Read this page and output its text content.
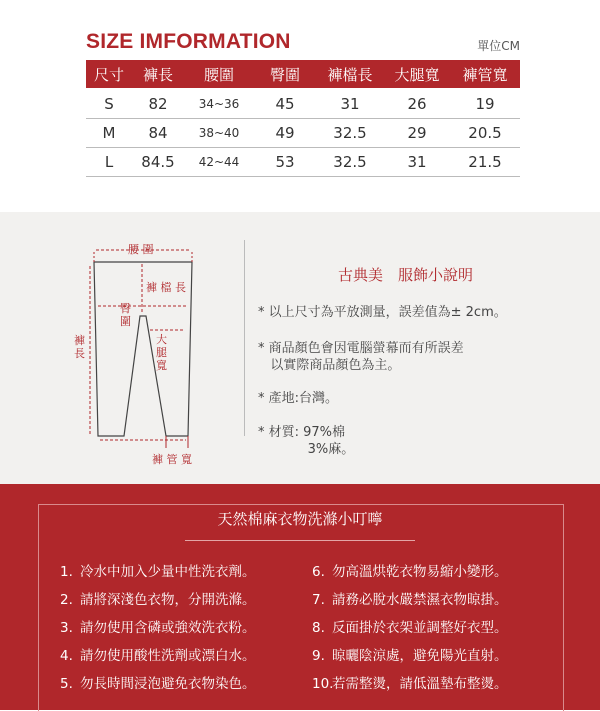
SIZE IMFORMATION	單位CM
尺寸	褲長	腰圍	臀圍	褲檔長	大腿寬	褲管寬
S	82	34~36	45	31	26	19
M	84	38~40	49	32.5	29	20.5
L	84.5	42~44	53	32.5	31	21.5
腰 圍
褲 檔 長
臀
圍
大
腿
寬
褲
長
褲 管 寬
古典美　服飾小說明
* 以上尺寸為平放測量，誤差值為± 2cm。
* 商品顏色會因電腦螢幕而有所誤差
以實際商品顏色為主。
* 產地:台灣。
* 材質: 97%棉
3%麻。
天然棉麻衣物洗滌小叮嚀
1. 冷水中加入少量中性洗衣劑。
2. 請將深淺色衣物，分開洗滌。
3. 請勿使用含磷或強效洗衣粉。
4. 請勿使用酸性洗劑或漂白水。
5. 勿長時間浸泡避免衣物染色。
6. 勿高溫烘乾衣物易縮小變形。
7. 請務必脫水嚴禁濕衣物晾掛。
8. 反面掛於衣架並調整好衣型。
9. 晾曬陰涼處，避免陽光直射。
10.若需整燙，請低溫墊布整燙。
